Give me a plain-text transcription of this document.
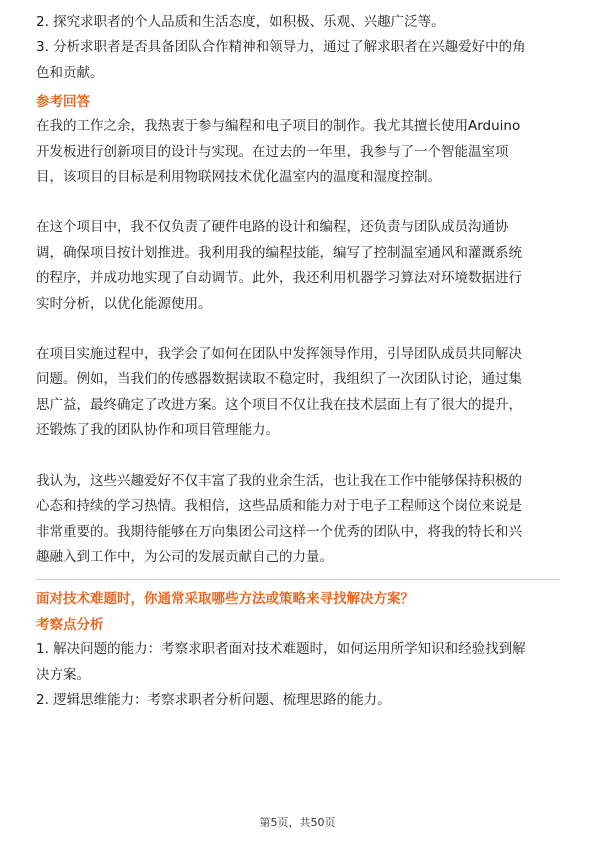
2. 探究求职者的个人品质和生活态度，如积极、乐观、兴趣广泛等。
3. 分析求职者是否具备团队合作精神和领导力，通过了解求职者在兴趣爱好中的角
色和贡献。
参考回答
在我的工作之余，我热衷于参与编程和电子项目的制作。我尤其擅长使用Arduino
开发板进行创新项目的设计与实现。在过去的一年里，我参与了一个智能温室项
目，该项目的目标是利用物联网技术优化温室内的温度和湿度控制。
在这个项目中，我不仅负责了硬件电路的设计和编程，还负责与团队成员沟通协
调，确保项目按计划推进。我利用我的编程技能，编写了控制温室通风和灌溉系统
的程序，并成功地实现了自动调节。此外，我还利用机器学习算法对环境数据进行
实时分析，以优化能源使用。
在项目实施过程中，我学会了如何在团队中发挥领导作用，引导团队成员共同解决
问题。例如，当我们的传感器数据读取不稳定时，我组织了一次团队讨论，通过集
思广益，最终确定了改进方案。这个项目不仅让我在技术层面上有了很大的提升，
还锻炼了我的团队协作和项目管理能力。
我认为，这些兴趣爱好不仅丰富了我的业余生活，也让我在工作中能够保持积极的
心态和持续的学习热情。我相信，这些品质和能力对于电子工程师这个岗位来说是
非常重要的。我期待能够在万向集团公司这样一个优秀的团队中，将我的特长和兴
趣融入到工作中，为公司的发展贡献自己的力量。
面对技术难题时，你通常采取哪些方法或策略来寻找解决方案？
考察点分析
1. 解决问题的能力：考察求职者面对技术难题时，如何运用所学知识和经验找到解
决方案。
2. 逻辑思维能力：考察求职者分析问题、梳理思路的能力。
第5页，共50页
